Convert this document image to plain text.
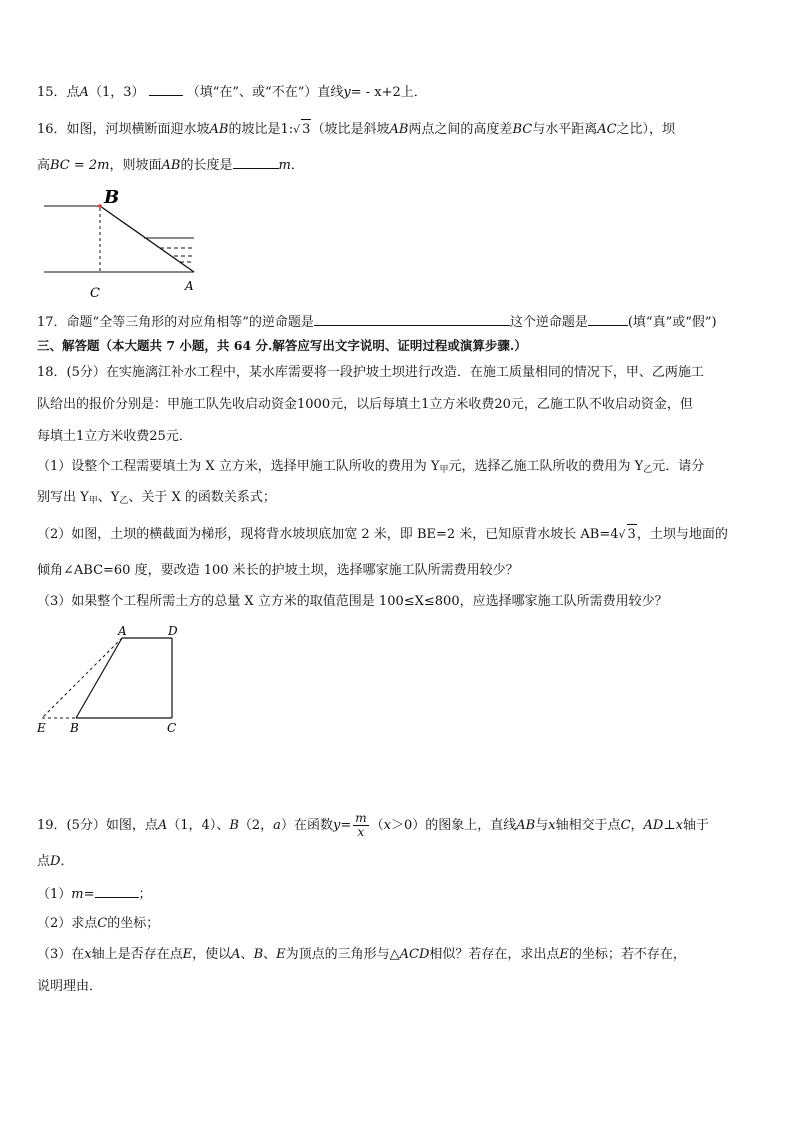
15．点A（1，3）	（填“在”、或“不在”）直线y= - x+2上．
16．如图，河坝横断面迎水坡AB的坡比是1:√ 3（坡比是斜坡AB两点之间的高度差BC与水平距离AC之比），坝
高BC = 2m，则坡面AB的长度是	m．
B
C	A
17．命题“全等三角形的对应角相等”的逆命题是	这个逆命题是	(填“真”或“假”)
三、解答题（本大题共 7 小题，共 64 分.解答应写出文字说明、证明过程或演算步骤.）
18．(5分）在实施漓江补水工程中，某水库需要将一段护坡土坝进行改造．在施工质量相同的情况下，甲、乙两施工
队给出的报价分别是：甲施工队先收启动资金1000元，以后每填土1立方米收费20元，乙施工队不收启动资金，但
每填土1立方米收费25元．
（1）设整个工程需要填土为 X 立方米，选择甲施工队所收的费用为 $Y_甲$元，选择乙施工队所收的费用为 $Y_乙$元．请分
别写出 $Y_甲$、$Y_乙$、关于 X 的函数关系式；
（2）如图，土坝的横截面为梯形，现将背水坡坝底加宽 2 米，即 BE=2 米，已知原背水坡长 AB=4√ 3，土坝与地面的
倾角∠ABC=60 度，要改造 100 米长的护坡土坝，选择哪家施工队所需费用较少？
（3）如果整个工程所需土方的总量 X 立方米的取值范围是 100≤X≤800，应选择哪家施工队所需费用较少？
A	D
E B	C
19．(5分）如图，点A（1，4）、B（2，a）在函数$y= \frac{m}{x} (x>0)$的图象上，直线AB与x轴相交于点C，AD⊥x轴于
点D．
（1）m=	；
（2）求点C的坐标；
（3）在x轴上是否存在点E，使以A、B、E为顶点的三角形与△ACD相似？若存在，求出点E的坐标；若不存在，
说明理由．
